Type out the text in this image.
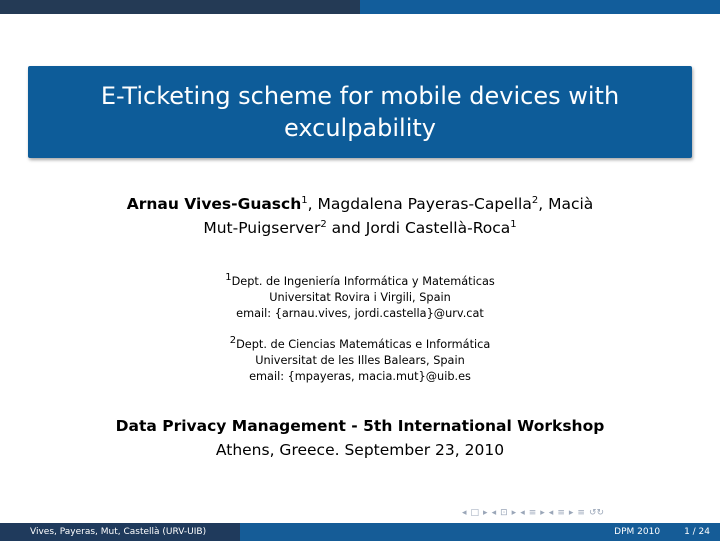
E-Ticketing scheme for mobile devices with exculpability
Arnau Vives-Guasch$^1$, Magdalena Payeras-Capella$^2$, Macià
Mut-Puigserver$^2$ and Jordi Castellà-Roca$^1$
$^1$Dept. de Ingeniería Informática y Matemáticas
Universitat Rovira i Virgili, Spain
email: {arnau.vives, jordi.castella}@urv.cat
$^2$Dept. de Ciencias Matemáticas e Informática
Universitat de les Illes Balears, Spain
email: {mpayeras, macia.mut}@uib.es
Data Privacy Management - 5th International Workshop
Athens, Greece. September 23, 2010
◂ □ ▸ ◂ ⊡ ▸ ◂ ≡ ▸ ◂ ≡ ▸ ≡ ↺↻
Vives, Payeras, Mut, Castellà (URV-UIB)	DPM 2010	1 / 24
